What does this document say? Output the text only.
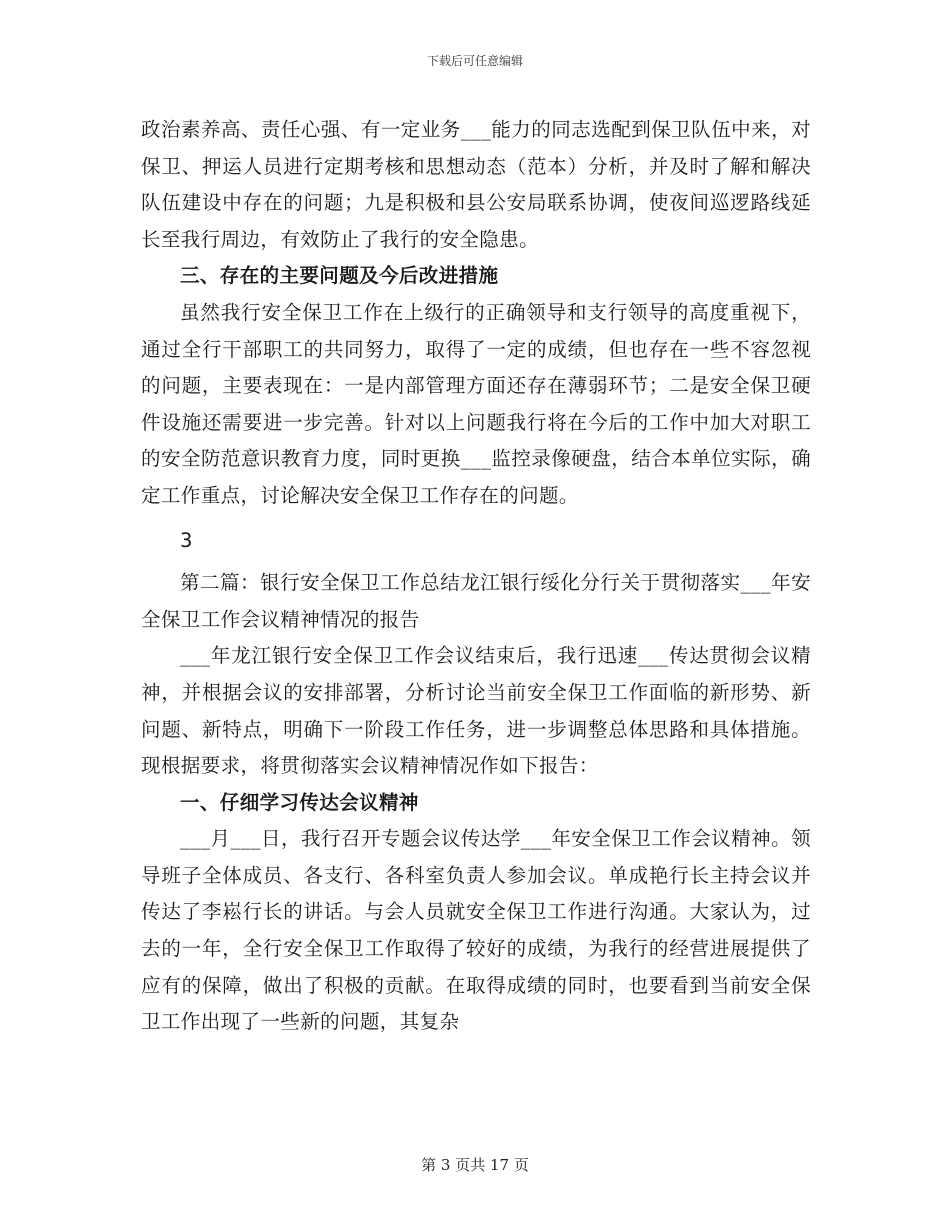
下载后可任意编辑

政治素养高、责任心强、有一定业务___能力的同志选配到保卫队伍中来，对保卫、押运人员进行定期考核和思想动态（范本）分析，并及时了解和解决队伍建设中存在的问题；九是积极和县公安局联系协调，使夜间巡逻路线延长至我行周边，有效防止了我行的安全隐患。

三、存在的主要问题及今后改进措施

虽然我行安全保卫工作在上级行的正确领导和支行领导的高度重视下，通过全行干部职工的共同努力，取得了一定的成绩，但也存在一些不容忽视的问题，主要表现在：一是内部管理方面还存在薄弱环节；二是安全保卫硬件设施还需要进一步完善。针对以上问题我行将在今后的工作中加大对职工的安全防范意识教育力度，同时更换___监控录像硬盘，结合本单位实际，确定工作重点，讨论解决安全保卫工作存在的问题。

3

第二篇：银行安全保卫工作总结龙江银行绥化分行关于贯彻落实___年安全保卫工作会议精神情况的报告

___年龙江银行安全保卫工作会议结束后，我行迅速___传达贯彻会议精神，并根据会议的安排部署，分析讨论当前安全保卫工作面临的新形势、新问题、新特点，明确下一阶段工作任务，进一步调整总体思路和具体措施。现根据要求，将贯彻落实会议精神情况作如下报告：

一、仔细学习传达会议精神

___月___日，我行召开专题会议传达学___年安全保卫工作会议精神。领导班子全体成员、各支行、各科室负责人参加会议。单成艳行长主持会议并传达了李崧行长的讲话。与会人员就安全保卫工作进行沟通。大家认为，过去的一年，全行安全保卫工作取得了较好的成绩，为我行的经营进展提供了应有的保障，做出了积极的贡献。在取得成绩的同时，也要看到当前安全保卫工作出现了一些新的问题，其复杂

第 3 页共 17 页
